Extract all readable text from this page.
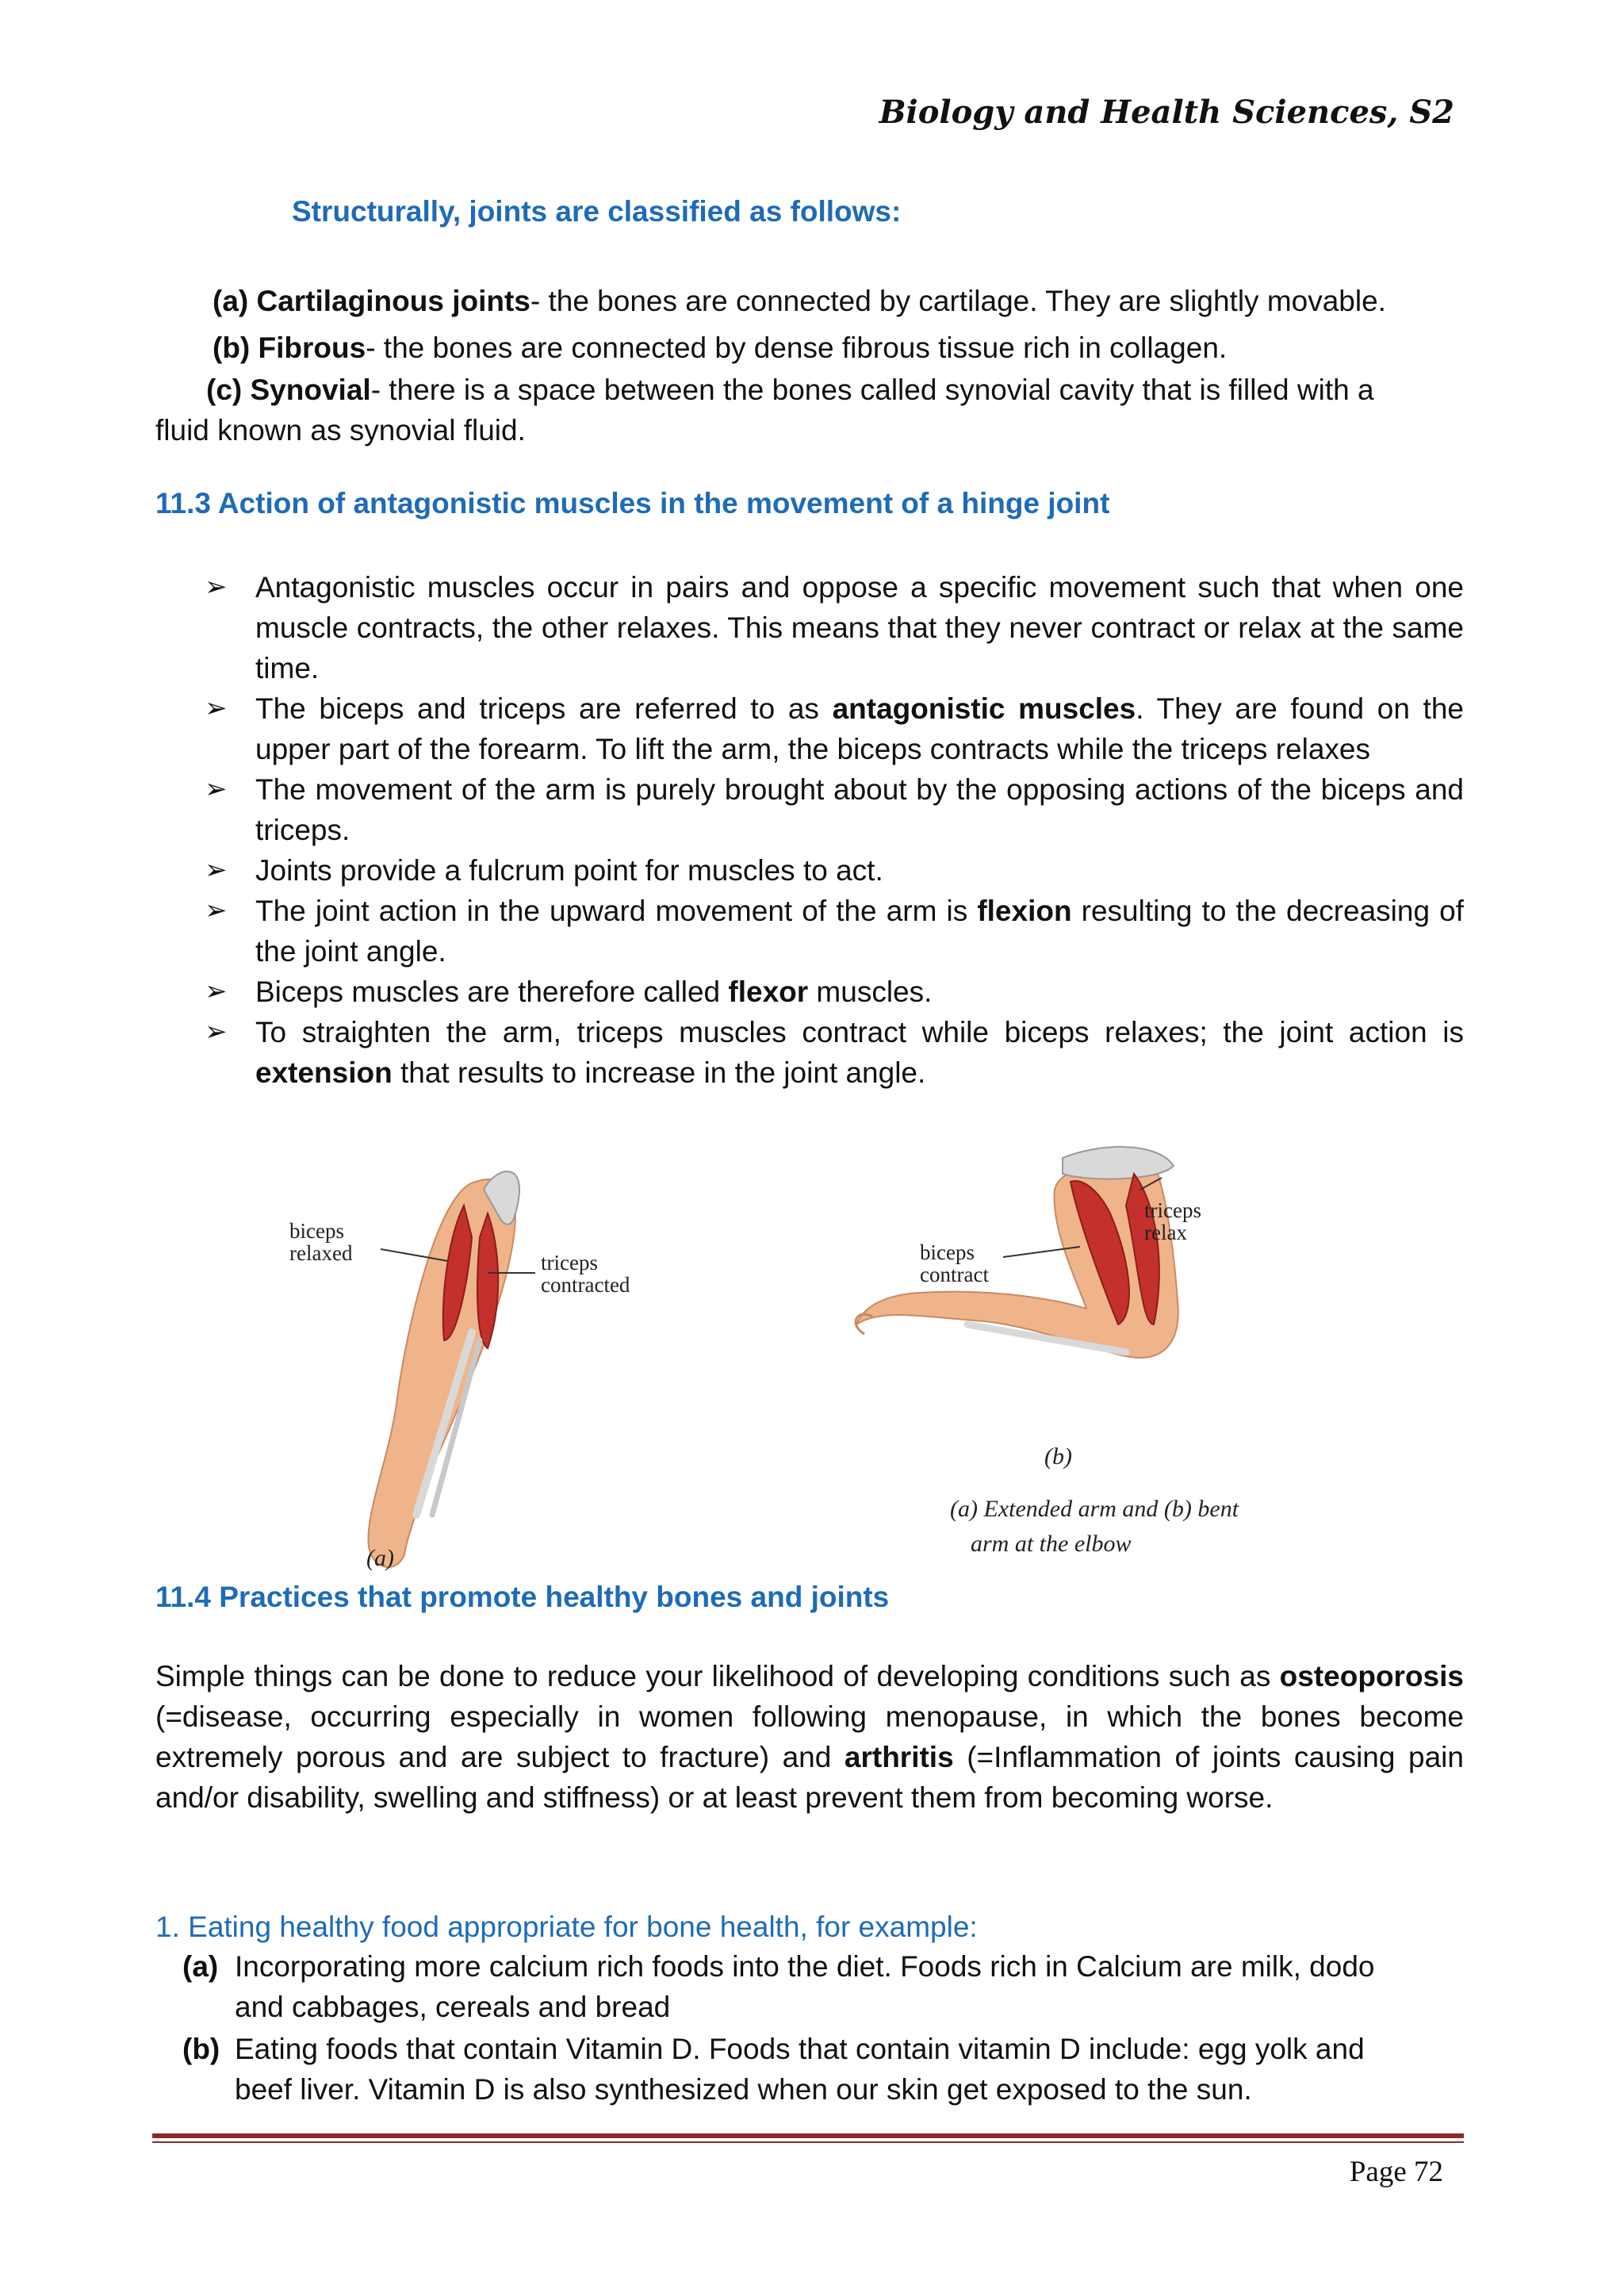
Biology and Health Sciences, S2
Structurally, joints are classified as follows:
(a) Cartilaginous joints- the bones are connected by cartilage. They are slightly movable.
(b) Fibrous- the bones are connected by dense fibrous tissue rich in collagen.
(c) Synovial- there is a space between the bones called synovial cavity that is filled with a
fluid known as synovial fluid.
11.3 Action of antagonistic muscles in the movement of a hinge joint
➢ Antagonistic muscles occur in pairs and oppose a specific movement such that when one muscle contracts, the other relaxes. This means that they never contract or relax at the same time.
➢ The biceps and triceps are referred to as antagonistic muscles. They are found on the upper part of the forearm. To lift the arm, the biceps contracts while the triceps relaxes
➢ The movement of the arm is purely brought about by the opposing actions of the biceps and triceps.
➢ Joints provide a fulcrum point for muscles to act.
➢ The joint action in the upward movement of the arm is flexion resulting to the decreasing of the joint angle.
➢ Biceps muscles are therefore called flexor muscles.
➢ To straighten the arm, triceps muscles contract while biceps relaxes; the joint action is extension that results to increase in the joint angle.
biceps
relaxed	triceps
contracted
(a)
biceps
contract
triceps
relax
(b)
(a) Extended arm and (b) bent
arm at the elbow
11.4 Practices that promote healthy bones and joints
Simple things can be done to reduce your likelihood of developing conditions such as osteoporosis (=disease, occurring especially in women following menopause, in which the bones become extremely porous and are subject to fracture) and arthritis (=Inflammation of joints causing pain and/or disability, swelling and stiffness) or at least prevent them from becoming worse.
1. Eating healthy food appropriate for bone health, for example:
(a) Incorporating more calcium rich foods into the diet. Foods rich in Calcium are milk, dodo and cabbages, cereals and bread
(b) Eating foods that contain Vitamin D. Foods that contain vitamin D include: egg yolk and beef liver. Vitamin D is also synthesized when our skin get exposed to the sun.
Page 72
